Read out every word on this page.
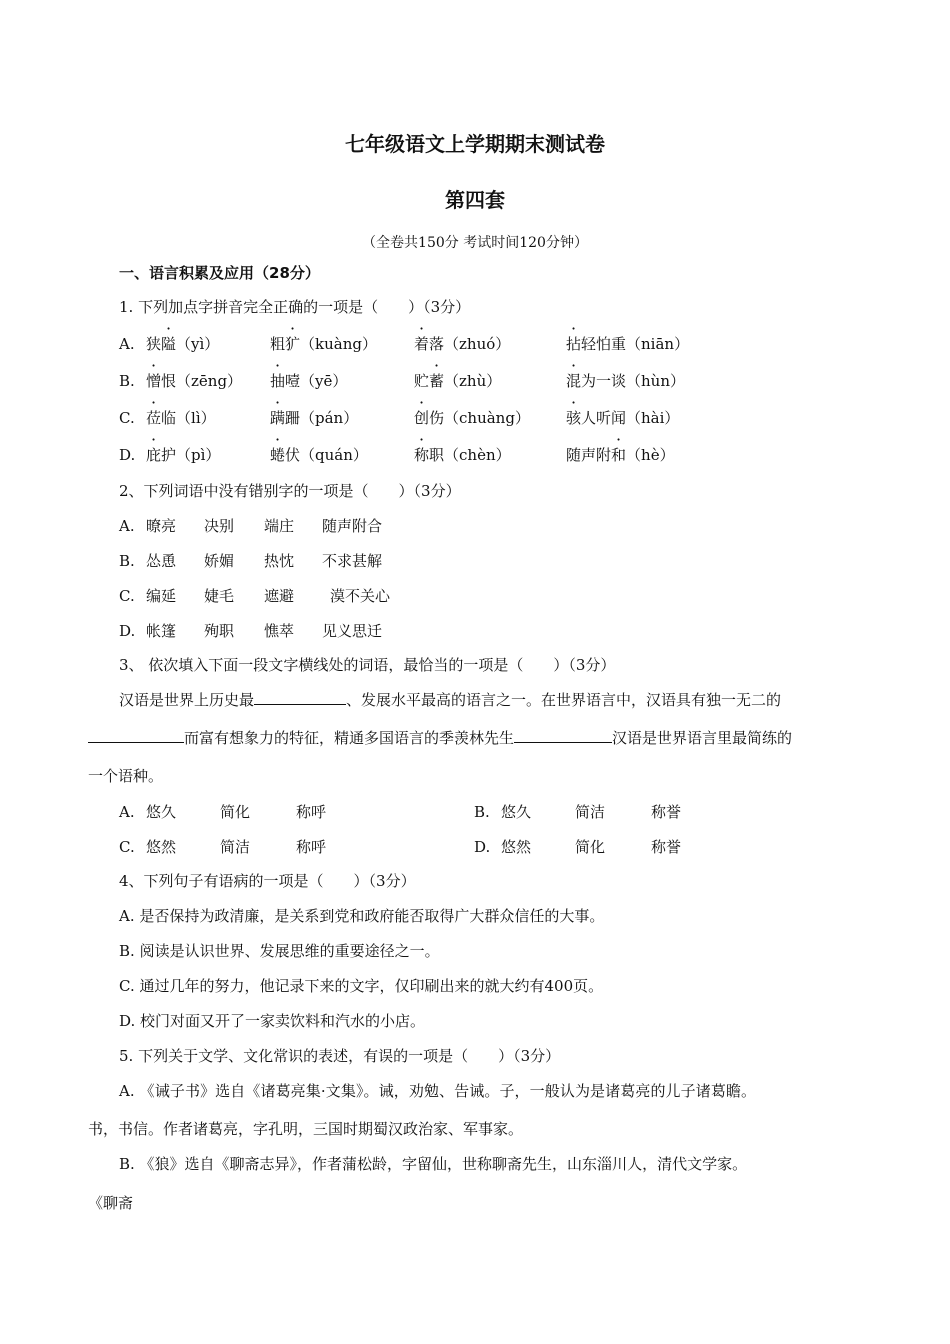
七年级语文上学期期末测试卷
第四套
（全卷共150分 考试时间120分钟）
一、语言积累及应用（28分）
1. 下列加点字拼音完全正确的一项是（　　）（3分）
A. 狭隘（yì）	粗犷（kuàng） 着落（zhuó）	拈轻怕重（niān）
B. 憎恨（zēng） 抽噎（yē）	贮蓄（zhù）	混为一谈（hùn）
C. 莅临（lì）	蹒跚（pán）	创伤（chuàng） 骇人听闻（hài）
D. 庇护（pì）	蜷伏（quán）	称职（chèn）	随声附和（hè）
2、下列词语中没有错别字的一项是（　　）（3分）
A. 暸亮 决别 端庄 随声附合
B. 怂恿 娇媚 热忱 不求甚解
C. 编延 婕毛 遮避 漠不关心
D. 帐篷 殉职 憔萃 见义思迁
3、 依次填入下面一段文字横线处的词语，最恰当的一项是（　　）（3分）
汉语是世界上历史最	、发展水平最高的语言之一。在世界语言中，汉语具有独一无二的
而富有想象力的特征，精通多国语言的季羡林先生	汉语是世界语言里最简练的
一个语种。
A. 悠久	简化	称呼	B. 悠久	简洁	称誉
C. 悠然	简洁	称呼	D. 悠然	简化	称誉
4、下列句子有语病的一项是（　　）（3分）
A. 是否保持为政清廉，是关系到党和政府能否取得广大群众信任的大事。
B. 阅读是认识世界、发展思维的重要途径之一。
C. 通过几年的努力，他记录下来的文字，仅印刷出来的就大约有400页。
D. 校门对面又开了一家卖饮料和汽水的小店。
5. 下列关于文学、文化常识的表述，有误的一项是（　　）（3分）
A. 《诫子书》选自《诸葛亮集·文集》。诫，劝勉、告诫。子，一般认为是诸葛亮的儿子诸葛瞻。
书，书信。作者诸葛亮，字孔明，三国时期蜀汉政治家、军事家。
B. 《狼》选自《聊斋志异》，作者蒲松龄，字留仙，世称聊斋先生，山东淄川人，清代文学家。
《聊斋
